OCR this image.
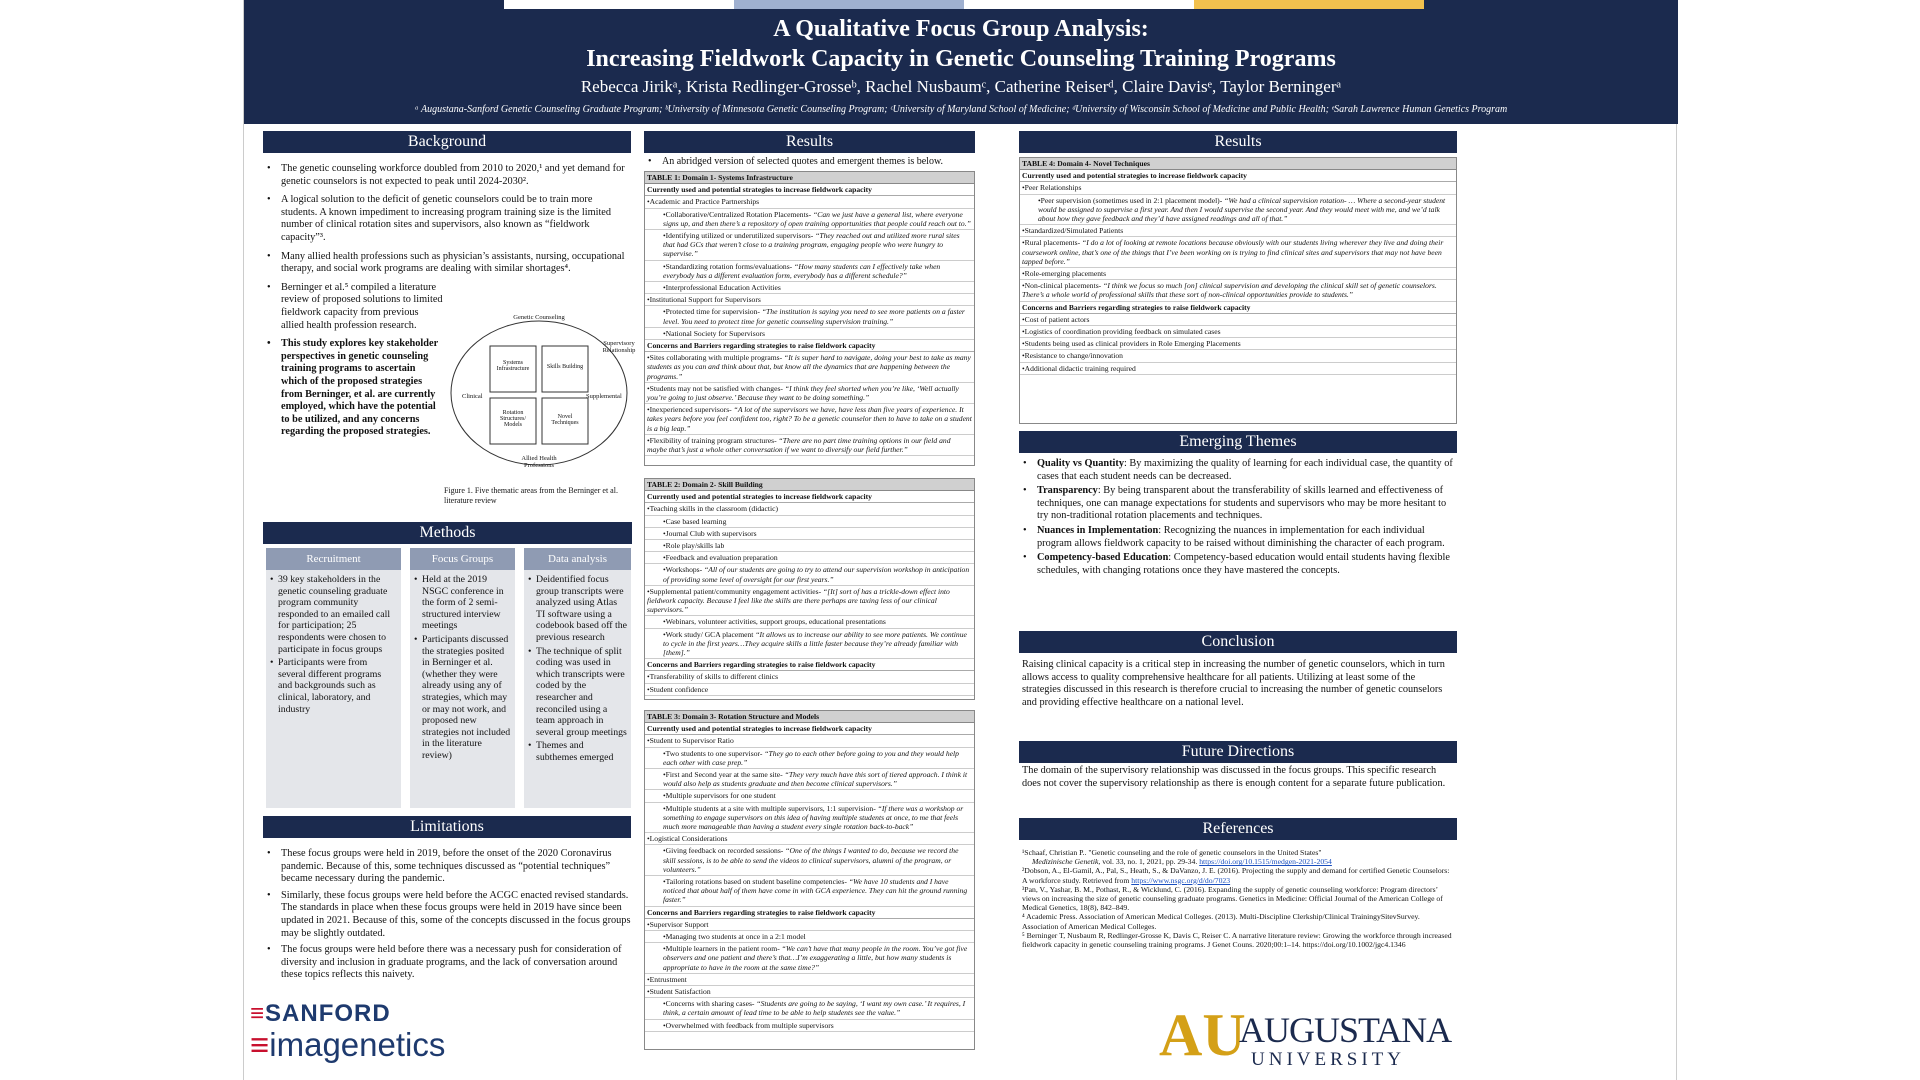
A Qualitative Focus Group Analysis:
Increasing Fieldwork Capacity in Genetic Counseling Training Programs
Rebecca Jirikᵃ, Krista Redlinger-Grosseᵇ, Rachel Nusbaumᶜ, Catherine Reiserᵈ, Claire Davisᵉ, Taylor Berningerᵃ
ᵃ Augustana-Sanford Genetic Counseling Graduate Program; ᵇUniversity of Minnesota Genetic Counseling Program; ᶜUniversity of Maryland School of Medicine; ᵈUniversity of Wisconsin School of Medicine and Public Health; ᵉSarah Lawrence Human Genetics Program
Background
• The genetic counseling workforce doubled from 2010 to 2020,¹ and yet demand for genetic counselors is not expected to peak until 2024-2030².
• A logical solution to the deficit of genetic counselors could be to train more students. A known impediment to increasing program training size is the limited number of clinical rotation sites and supervisors, also known as “fieldwork capacity”³.
• Many allied health professions such as physician’s assistants, nursing, occupational therapy, and social work programs are dealing with similar shortages⁴.
• Berninger et al.⁵ compiled a literature review of proposed solutions to limited fieldwork capacity from previous allied health profession research.
• This study explores key stakeholder perspectives in genetic counseling training programs to ascertain which of the proposed strategies from Berninger, et al. are currently employed, which have the potential to be utilized, and any concerns regarding the proposed strategies.
Genetic Counseling
Supervisory Relationship
Clinical	Supplemental
Allied Health Professions
Systems Infrastructure	Skills Building
Rotation Structures/ Models
Novel Techniques
Figure 1. Five thematic areas from the Berninger et al. literature review
Methods
Recruitment
• 39 key stakeholders in the genetic counseling graduate program community responded to an emailed call for participation; 25 respondents were chosen to participate in focus groups
• Participants were from several different programs and backgrounds such as clinical, laboratory, and industry
Focus Groups
• Held at the 2019 NSGC conference in the form of 2 semi-structured interview meetings
• Participants discussed the strategies posited in Berninger et al. (whether they were already using any of strategies, which may or may not work, and proposed new strategies not included in the literature review)
Data analysis
• Deidentified focus group transcripts were analyzed using Atlas TI software using a codebook based off the previous research
• The technique of split coding was used in which transcripts were coded by the researcher and reconciled using a team approach in several group meetings
• Themes and subthemes emerged
Limitations
• These focus groups were held in 2019, before the onset of the 2020 Coronavirus pandemic. Because of this, some techniques discussed as “potential techniques” became necessary during the pandemic.
• Similarly, these focus groups were held before the ACGC enacted revised standards. The standards in place when these focus groups were held in 2019 have since been updated in 2021. Because of this, some of the concepts discussed in the focus groups may be slightly outdated.
• The focus groups were held before there was a necessary push for consideration of diversity and inclusion in graduate programs, and the lack of conversation around these topics reflects this naivety.
≡SANFORD
≡imagenetics
Results
• An abridged version of selected quotes and emergent themes is below.
TABLE 1: Domain 1- Systems Infrastructure
Currently used and potential strategies to increase fieldwork capacity
•Academic and Practice Partnerships
•Collaborative/Centralized Rotation Placements- “Can we just have a general list, where everyone signs up, and then there’s a repository of open training opportunities that people could reach out to.”
•Identifying utilized or underutilized supervisors- “They reached out and utilized more rural sites that had GCs that weren’t close to a training program, engaging people who were hungry to supervise.”
•Standardizing rotation forms/evaluations- “How many students can I effectively take when everybody has a different evaluation form, everybody has a different schedule?”
•Interprofessional Education Activities
•Institutional Support for Supervisors
•Protected time for supervision- “The institution is saying you need to see more patients on a faster level. You need to protect time for genetic counseling supervision training.”
•National Society for Supervisors
Concerns and Barriers regarding strategies to raise fieldwork capacity
•Sites collaborating with multiple programs- “It is super hard to navigate, doing your best to take as many students as you can and think about that, but know all the dynamics that are happening between the programs.”
•Students may not be satisfied with changes- “I think they feel shorted when you’re like, ‘Well actually you’re going to just observe.’ Because they want to be doing something.”
•Inexperienced supervisors- “A lot of the supervisors we have, have less than five years of experience. It takes years before you feel confident too, right? To be a genetic counselor then to have to take on a student is a big leap.”
•Flexibility of training program structures- “There are no part time training options in our field and maybe that’s just a whole other conversation if we want to diversify our field further.”
TABLE 2: Domain 2- Skill Building
Currently used and potential strategies to increase fieldwork capacity
•Teaching skills in the classroom (didactic)
•Case based learning
•Journal Club with supervisors
•Role play/skills lab
•Feedback and evaluation preparation
•Workshops- “All of our students are going to try to attend our supervision workshop in anticipation of providing some level of oversight for our first years.”
•Supplemental patient/community engagement activities- “[It] sort of has a trickle-down effect into fieldwork capacity. Because I feel like the skills are there perhaps are taxing less of our clinical supervisors.”
•Webinars, volunteer activities, support groups, educational presentations
•Work study/ GCA placement “It allows us to increase our ability to see more patients. We continue to cycle in the first years…They acquire skills a little faster because they’re already familiar with [them].”
Concerns and Barriers regarding strategies to raise fieldwork capacity
•Transferability of skills to different clinics
•Student confidence
TABLE 3: Domain 3- Rotation Structure and Models
Currently used and potential strategies to increase fieldwork capacity
•Student to Supervisor Ratio
•Two students to one supervisor- “They go to each other before going to you and they would help each other with case prep.”
•First and Second year at the same site- “They very much have this sort of tiered approach. I think it would also help as students graduate and then become clinical supervisors.”
•Multiple supervisors for one student
•Multiple students at a site with multiple supervisors, 1:1 supervision- “If there was a workshop or something to engage supervisors on this idea of having multiple students at once, to me that feels much more manageable than having a student every single rotation back-to-back”
•Logistical Considerations
•Giving feedback on recorded sessions- “One of the things I wanted to do, because we record the skill sessions, is to be able to send the videos to clinical supervisors, alumni of the program, or volunteers.”
•Tailoring rotations based on student baseline competencies- “We have 10 students and I have noticed that about half of them have come in with GCA experience. They can hit the ground running faster.”
Concerns and Barriers regarding strategies to raise fieldwork capacity
•Supervisor Support
•Managing two students at once in a 2:1 model
•Multiple learners in the patient room- “We can’t have that many people in the room. You’ve got five observers and one patient and there’s that…I’m exaggerating a little, but how many students is appropriate to have in the room at the same time?”
•Entrustment
•Student Satisfaction
•Concerns with sharing cases- “Students are going to be saying, ‘I want my own case.’ It requires, I think, a certain amount of lead time to be able to help students see the value.”
•Overwhelmed with feedback from multiple supervisors
Results
TABLE 4: Domain 4- Novel Techniques
Currently used and potential strategies to increase fieldwork capacity
•Peer Relationships
•Peer supervision (sometimes used in 2:1 placement model)- “We had a clinical supervision rotation- … Where a second-year student would be assigned to supervise a first year. And then I would supervise the second year. And they would meet with me, and we’d talk about how they gave feedback and they’d have assigned readings and all of that.”
•Standardized/Simulated Patients
•Rural placements- “I do a lot of looking at remote locations because obviously with our students living wherever they live and doing their coursework online, that’s one of the things that I’ve been working on is trying to find clinical sites and supervisors that may not have been tapped before.”
•Role-emerging placements
•Non-clinical placements- “I think we focus so much [on] clinical supervision and developing the clinical skill set of genetic counselors. There’s a whole world of professional skills that these sort of non-clinical opportunities provide to students.”
Concerns and Barriers regarding strategies to raise fieldwork capacity
•Cost of patient actors
•Logistics of coordination providing feedback on simulated cases
•Students being used as clinical providers in Role Emerging Placements
•Resistance to change/innovation
•Additional didactic training required
Emerging Themes
• Quality vs Quantity: By maximizing the quality of learning for each individual case, the quantity of cases that each student needs can be decreased.
• Transparency: By being transparent about the transferability of skills learned and effectiveness of techniques, one can manage expectations for students and supervisors who may be more hesitant to try non-traditional rotation placements and techniques.
• Nuances in Implementation: Recognizing the nuances in implementation for each individual program allows fieldwork capacity to be raised without diminishing the character of each program.
• Competency-based Education: Competency-based education would entail students having flexible schedules, with changing rotations once they have mastered the concepts.
Conclusion
Raising clinical capacity is a critical step in increasing the number of genetic counselors, which in turn allows access to quality comprehensive healthcare for all patients. Utilizing at least some of the strategies discussed in this research is therefore crucial to increasing the number of genetic counselors and providing effective healthcare on a national level.
Future Directions
The domain of the supervisory relationship was discussed in the focus groups. This specific research does not cover the supervisory relationship as there is enough content for a separate future publication.
References
¹Schaaf, Christian P.. "Genetic counseling and the role of genetic counselors in the United States"
Medizinische Genetik, vol. 33, no. 1, 2021, pp. 29-34. https://doi.org/10.1515/medgen-2021-2054
²Dobson, A., El-Gamil, A., Pal, S., Heath, S., & DaVanzo, J. E. (2016). Projecting the supply and demand for certified Genetic Counselors: A workforce study. Retrieved from https://www.nsgc.org/d/do/7023
³Pan, V., Yashar, B. M., Pothast, R., & Wicklund, C. (2016). Expanding the supply of genetic counseling workforce: Program directors’ views on increasing the size of genetic counseling graduate programs. Genetics in Medicine: Official Journal of the American College of Medical Genetics, 18(8), 842–849.
⁴ Academic Press. Association of American Medical Colleges. (2013). Multi-Discipline Clerkship/Clinical TrainingySitevSurvey. Association of American Medical Colleges.
⁵ Berninger T, Nusbaum R, Redlinger-Grosse K, Davis C, Reiser C. A narrative literature review: Growing the workforce through increased fieldwork capacity in genetic counseling training programs. J Genet Couns. 2020;00:1–14. https://doi.org/10.1002/jgc4.1346
AU
AUGUSTANA
UNIVERSITY
